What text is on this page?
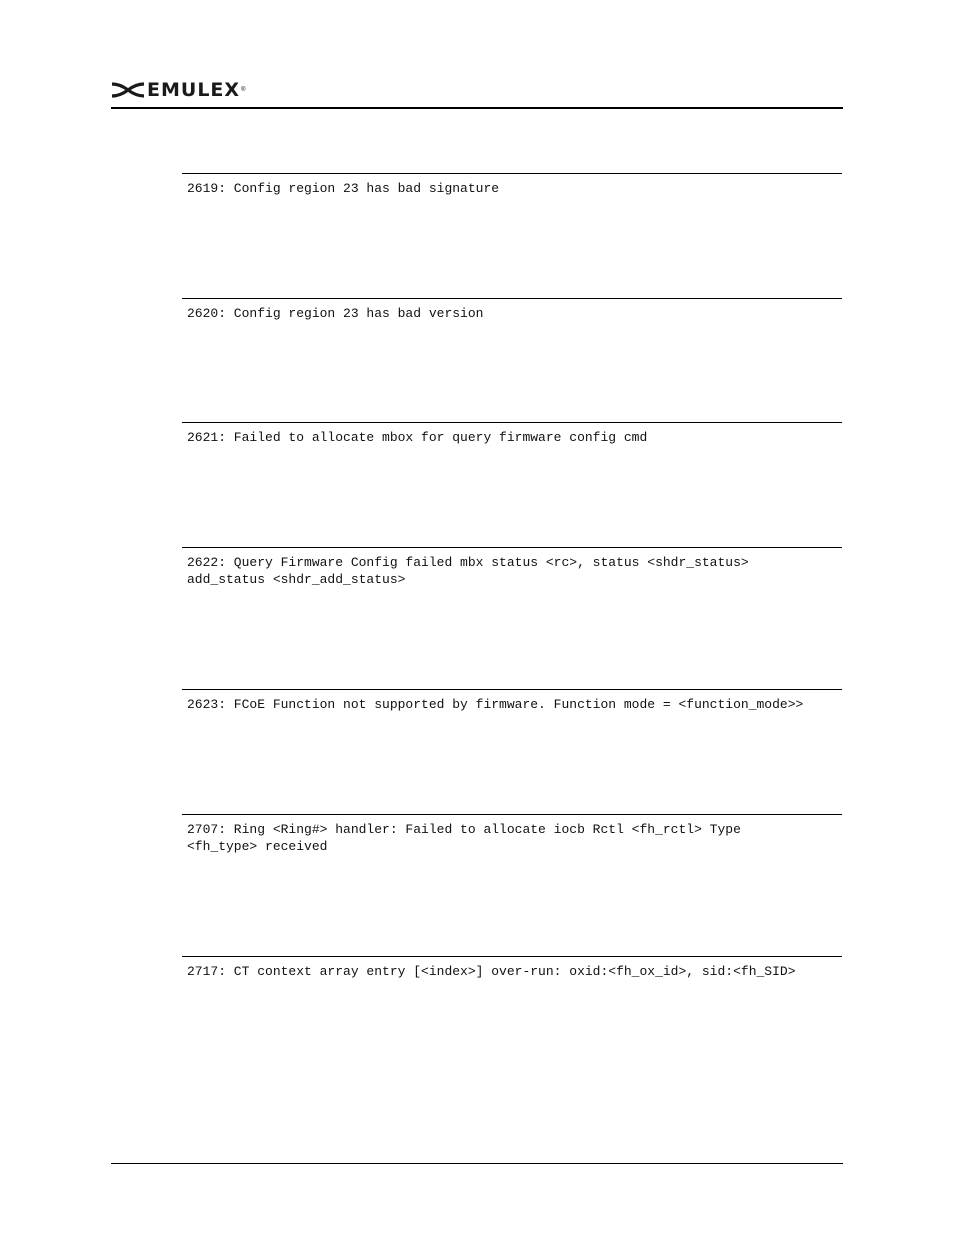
EMULEX ®
2619: Config region 23 has bad signature
2620: Config region 23 has bad version
2621: Failed to allocate mbox for query firmware config cmd
2622: Query Firmware Config failed mbx status <rc>, status <shdr_status>
add_status <shdr_add_status>
2623: FCoE Function not supported by firmware. Function mode = <function_mode>>
2707: Ring <Ring#> handler: Failed to allocate iocb Rctl <fh_rctl> Type
<fh_type> received
2717: CT context array entry [<index>] over-run: oxid:<fh_ox_id>, sid:<fh_SID>
